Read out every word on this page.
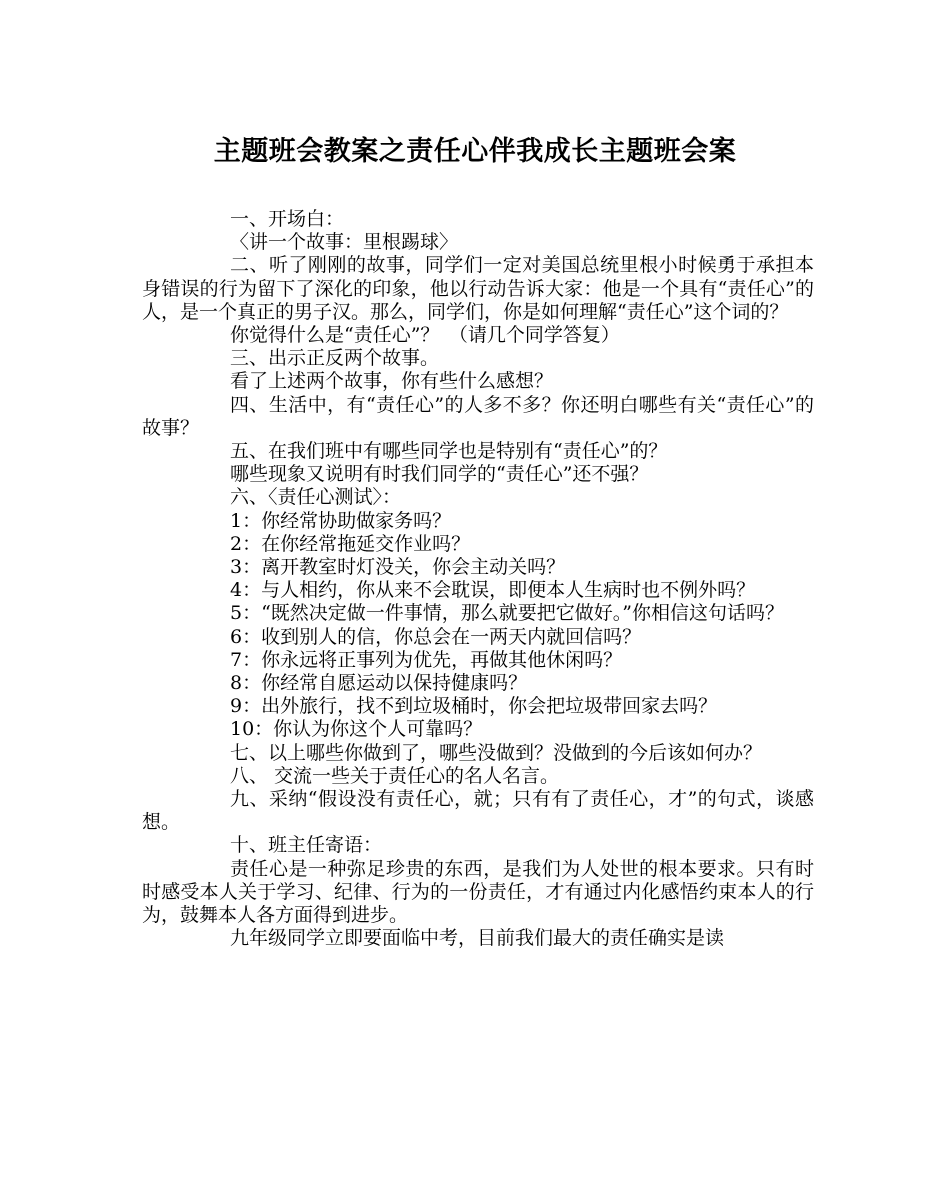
主题班会教案之责任心伴我成长主题班会案

一、开场白：

〈讲一个故事：里根踢球〉

二、听了刚刚的故事，同学们一定对美国总统里根小时候勇于承担本身错误的行为留下了深化的印象，他以行动告诉大家：他是一个具有“责任心”的人，是一个真正的男子汉。那么，同学们，你是如何理解“责任心”这个词的？

你觉得什么是“责任心”？　（请几个同学答复）

三、出示正反两个故事。

看了上述两个故事，你有些什么感想？

四、生活中，有“责任心”的人多不多？你还明白哪些有关“责任心”的故事？

五、在我们班中有哪些同学也是特别有“责任心”的？

哪些现象又说明有时我们同学的“责任心”还不强？

六、〈责任心测试〉：

1：你经常协助做家务吗？

2：在你经常拖延交作业吗？

3：离开教室时灯没关，你会主动关吗？

4：与人相约，你从来不会耽误，即便本人生病时也不例外吗？

5：“既然决定做一件事情，那么就要把它做好。”你相信这句话吗？

6：收到别人的信，你总会在一两天内就回信吗？

7：你永远将正事列为优先，再做其他休闲吗？

8：你经常自愿运动以保持健康吗？

9：出外旅行，找不到垃圾桶时，你会把垃圾带回家去吗？

10：你认为你这个人可靠吗？

七、以上哪些你做到了，哪些没做到？没做到的今后该如何办？

八、 交流一些关于责任心的名人名言。

九、采纳“假设没有责任心，就；只有有了责任心，才”的句式，谈感想。

十、班主任寄语：

责任心是一种弥足珍贵的东西，是我们为人处世的根本要求。只有时时感受本人关于学习、纪律、行为的一份责任，才有通过内化感悟约束本人的行为，鼓舞本人各方面得到进步。

九年级同学立即要面临中考，目前我们最大的责任确实是读
